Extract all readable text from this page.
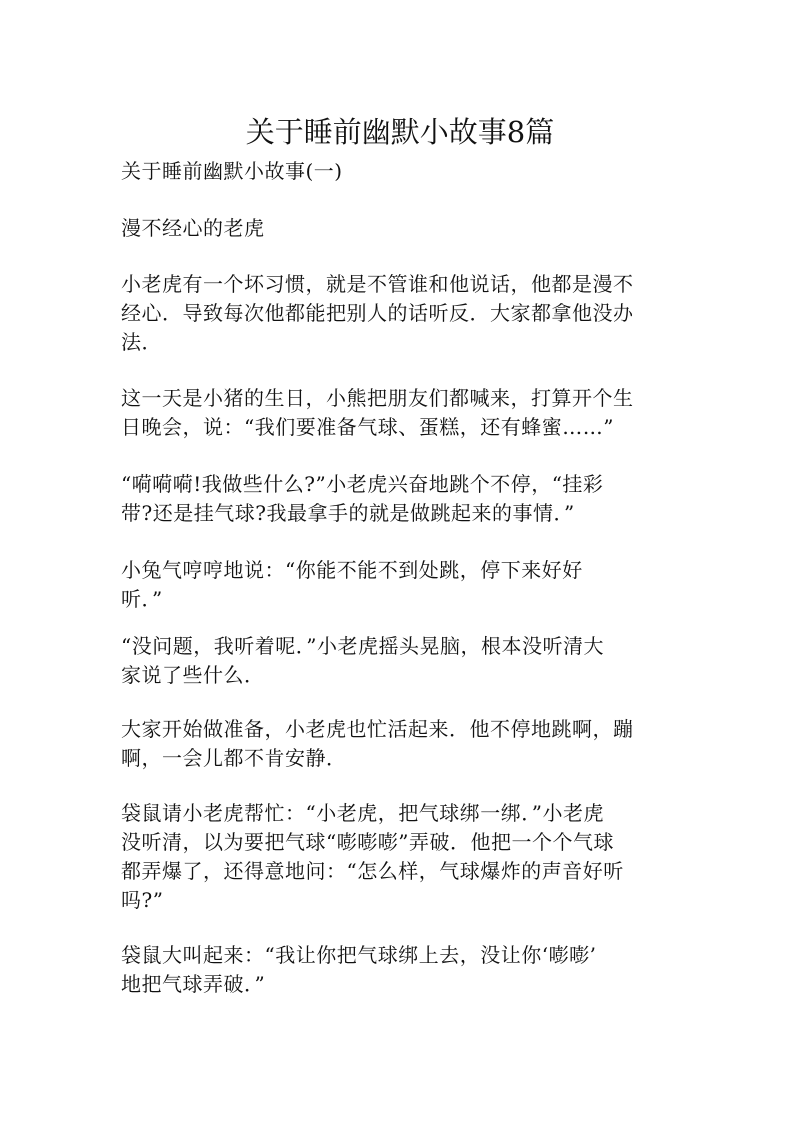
关于睡前幽默小故事8篇
关于睡前幽默小故事(一)
漫不经心的老虎
小老虎有一个坏习惯，就是不管谁和他说话，他都是漫不
经心．导致每次他都能把别人的话听反．大家都拿他没办
法．
这一天是小猪的生日，小熊把朋友们都喊来，打算开个生
日晚会，说：“我们要准备气球、蛋糕，还有蜂蜜……”
“嗬嗬嗬!我做些什么?”小老虎兴奋地跳个不停，“挂彩
带?还是挂气球?我最拿手的就是做跳起来的事情．”
小兔气哼哼地说：“你能不能不到处跳，停下来好好
听．”
“没问题，我听着呢．”小老虎摇头晃脑，根本没听清大
家说了些什么．
大家开始做准备，小老虎也忙活起来．他不停地跳啊，蹦
啊，一会儿都不肯安静．
袋鼠请小老虎帮忙：“小老虎，把气球绑一绑．”小老虎
没听清，以为要把气球“嘭嘭嘭”弄破．他把一个个气球
都弄爆了，还得意地问：“怎么样，气球爆炸的声音好听
吗?”
袋鼠大叫起来：“我让你把气球绑上去，没让你‘嘭嘭’
地把气球弄破．”
